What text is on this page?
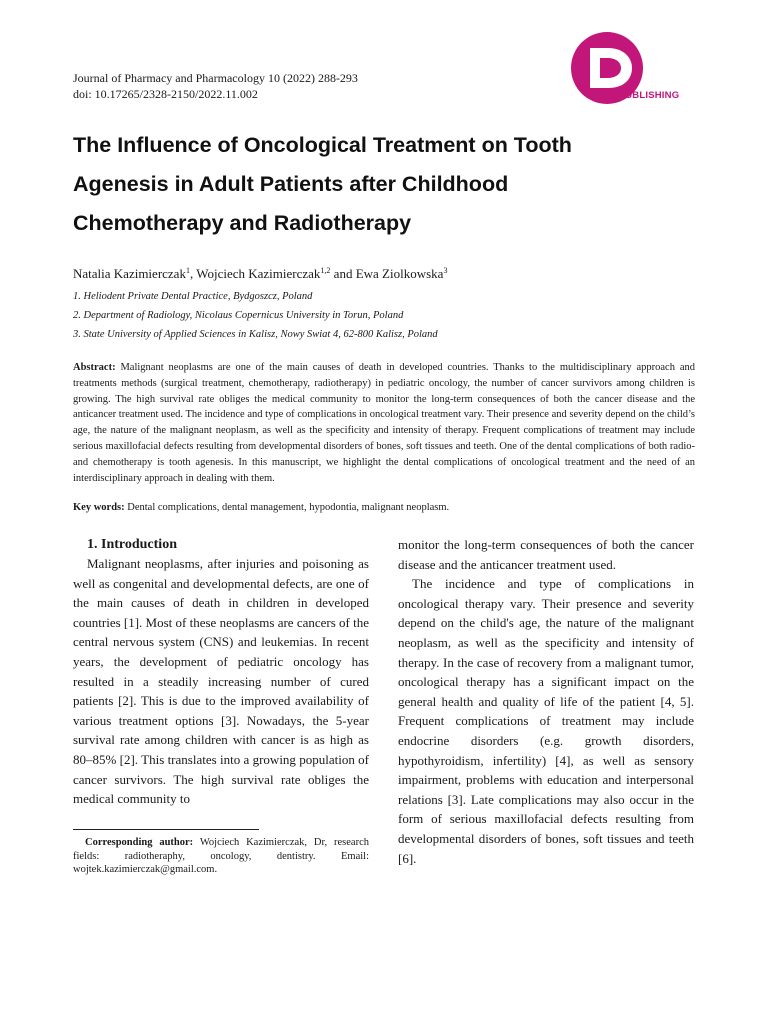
Journal of Pharmacy and Pharmacology 10 (2022) 288-293
doi: 10.17265/2328-2150/2022.11.002	DAVID PUBLISHING
The Influence of Oncological Treatment on Tooth
Agenesis in Adult Patients after Childhood
Chemotherapy and Radiotherapy
Natalia Kazimierczak$^1$, Wojciech Kazimierczak$^{1,2}$ and Ewa Ziolkowska$^3$
1. Heliodent Private Dental Practice, Bydgoszcz, Poland
2. Department of Radiology, Nicolaus Copernicus University in Torun, Poland
3. State University of Applied Sciences in Kalisz, Nowy Swiat 4, 62-800 Kalisz, Poland

Abstract: Malignant neoplasms are one of the main causes of death in developed countries. Thanks to the multidisciplinary approach and treatments methods (surgical treatment, chemotherapy, radiotherapy) in pediatric oncology, the number of cancer survivors among children is growing. The high survival rate obliges the medical community to monitor the long-term consequences of both the cancer disease and the anticancer treatment used. The incidence and type of complications in oncological treatment vary. Their presence and severity depend on the child’s age, the nature of the malignant neoplasm, as well as the specificity and intensity of therapy. Frequent complications of treatment may include serious maxillofacial defects resulting from developmental disorders of bones, soft tissues and teeth. One of the dental complications of both radio- and chemotherapy is tooth agenesis. In this manuscript, we highlight the dental complications of oncological treatment and the need of an interdisciplinary approach in dealing with them.

Key words: Dental complications, dental management, hypodontia, malignant neoplasm.

1. Introduction

Malignant neoplasms, after injuries and poisoning as well as congenital and developmental defects, are one of the main causes of death in children in developed countries [1]. Most of these neoplasms are cancers of the central nervous system (CNS) and leukemias. In recent years, the development of pediatric oncology has resulted in a steadily increasing number of cured patients [2]. This is due to the improved availability of various treatment options [3]. Nowadays, the 5-year survival rate among children with cancer is as high as 80–85% [2]. This translates into a growing population of cancer survivors. The high survival rate obliges the medical community to

monitor the long-term consequences of both the cancer disease and the anticancer treatment used.

The incidence and type of complications in oncological therapy vary. Their presence and severity depend on the child's age, the nature of the malignant neoplasm, as well as the specificity and intensity of therapy. In the case of recovery from a malignant tumor, oncological therapy has a significant impact on the general health and quality of life of the patient [4, 5]. Frequent complications of treatment may include endocrine disorders (e.g. growth disorders, hypothyroidism, infertility) [4], as well as sensory impairment, problems with education and interpersonal relations [3]. Late complications may also occur in the form of serious maxillofacial defects resulting from developmental disorders of bones, soft tissues and teeth [6].

Corresponding author: Wojciech Kazimierczak, Dr, research fields: radiotheraphy, oncology, dentistry. Email: wojtek.kazimierczak@gmail.com.
